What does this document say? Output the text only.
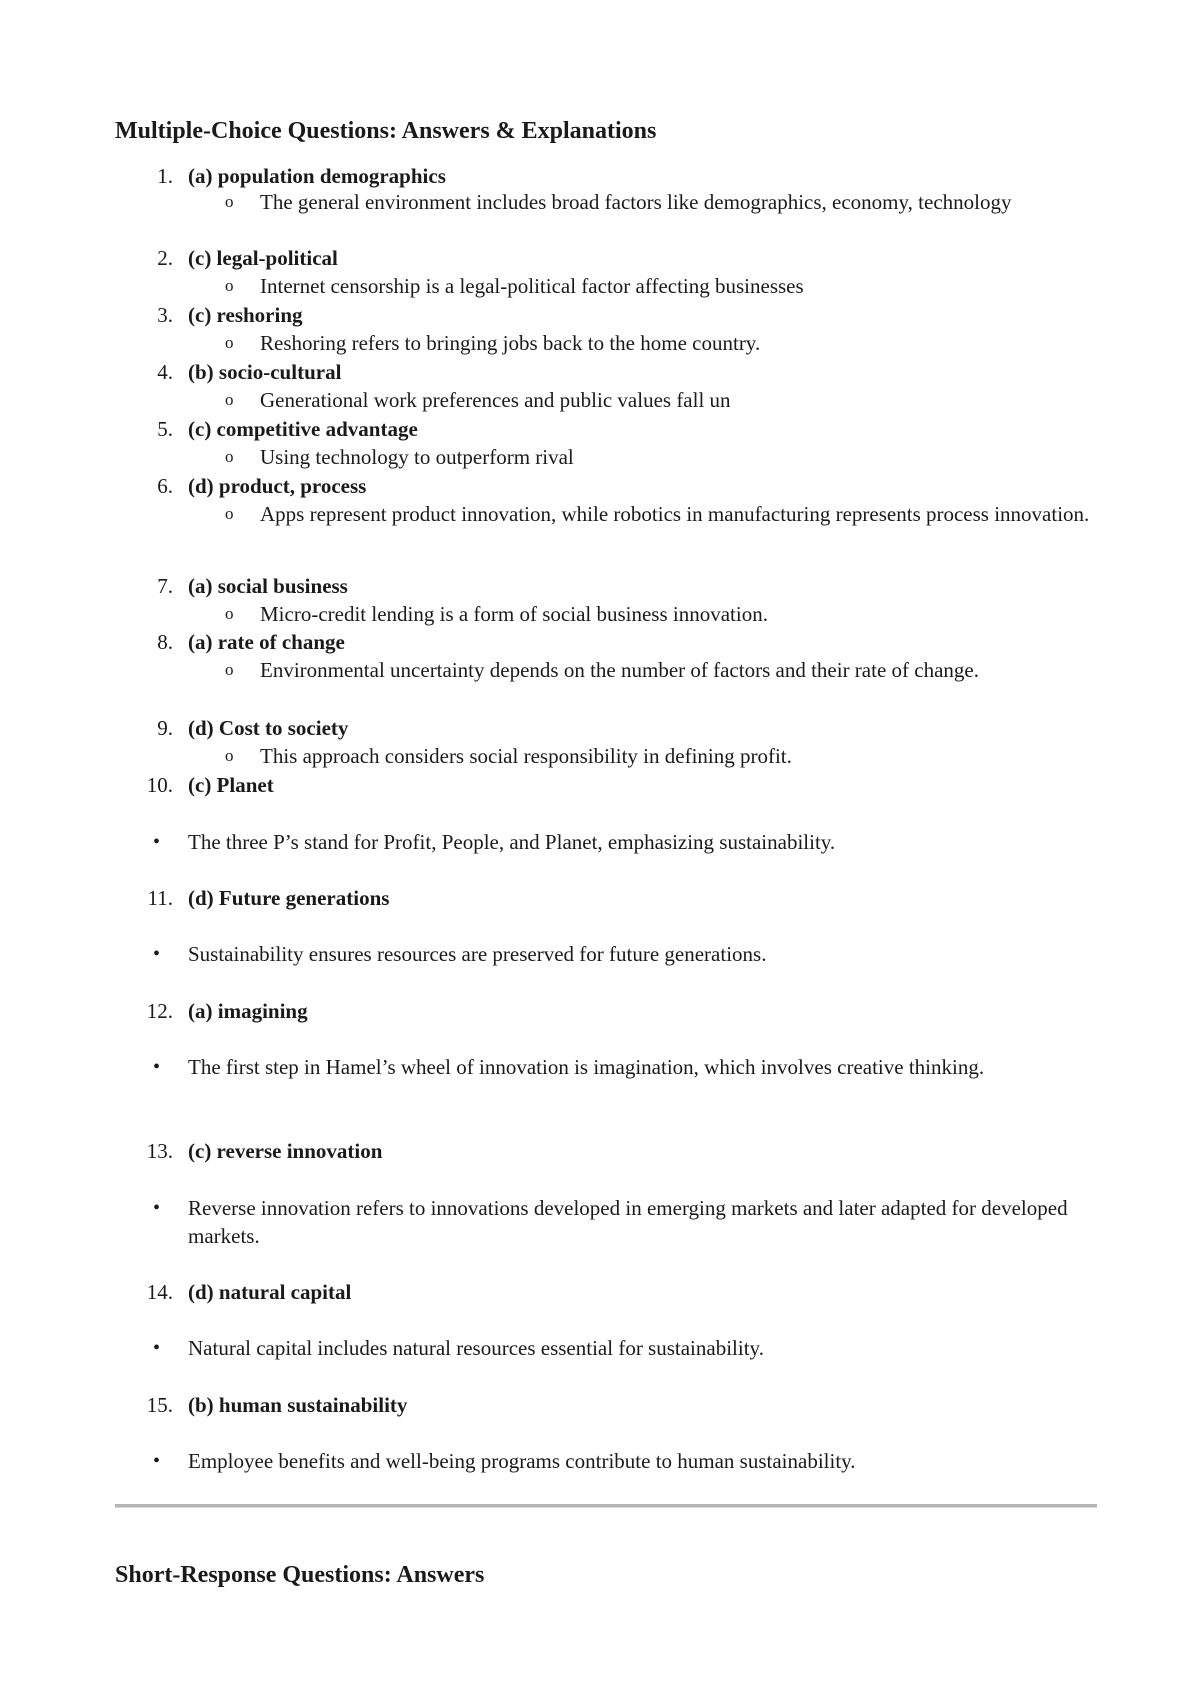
Multiple-Choice Questions: Answers & Explanations
1. (a) population demographics
o The general environment includes broad factors like demographics, economy, technology
2. (c) legal-political
o Internet censorship is a legal-political factor affecting businesses
3. (c) reshoring
o Reshoring refers to bringing jobs back to the home country.
4. (b) socio-cultural
o Generational work preferences and public values fall un
5. (c) competitive advantage
o Using technology to outperform rival
6. (d) product, process
o Apps represent product innovation, while robotics in manufacturing represents process innovation.
7. (a) social business
o Micro-credit lending is a form of social business innovation.
8. (a) rate of change
o Environmental uncertainty depends on the number of factors and their rate of change.
9. (d) Cost to society
o This approach considers social responsibility in defining profit.
10. (c) Planet
• The three P’s stand for Profit, People, and Planet, emphasizing sustainability.
11. (d) Future generations
• Sustainability ensures resources are preserved for future generations.
12. (a) imagining
• The first step in Hamel’s wheel of innovation is imagination, which involves creative thinking.
13. (c) reverse innovation
• Reverse innovation refers to innovations developed in emerging markets and later adapted for developed markets.
14. (d) natural capital
• Natural capital includes natural resources essential for sustainability.
15. (b) human sustainability
• Employee benefits and well-being programs contribute to human sustainability.
Short-Response Questions: Answers
